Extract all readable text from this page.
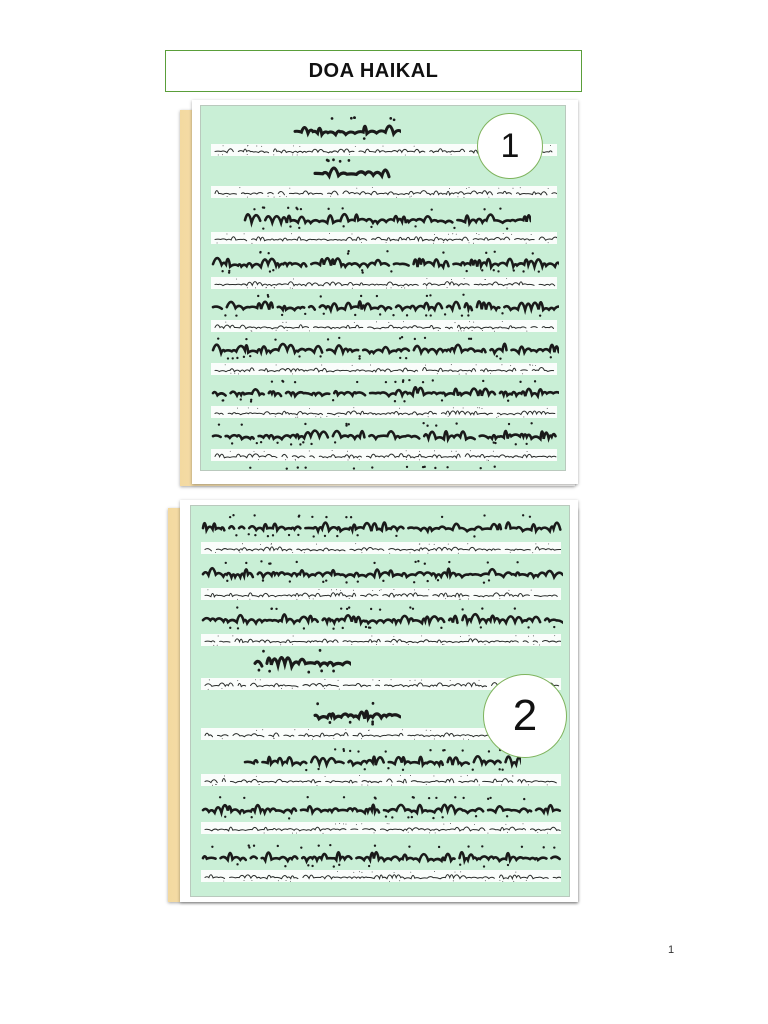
DOA HAIKAL
1
2
1
